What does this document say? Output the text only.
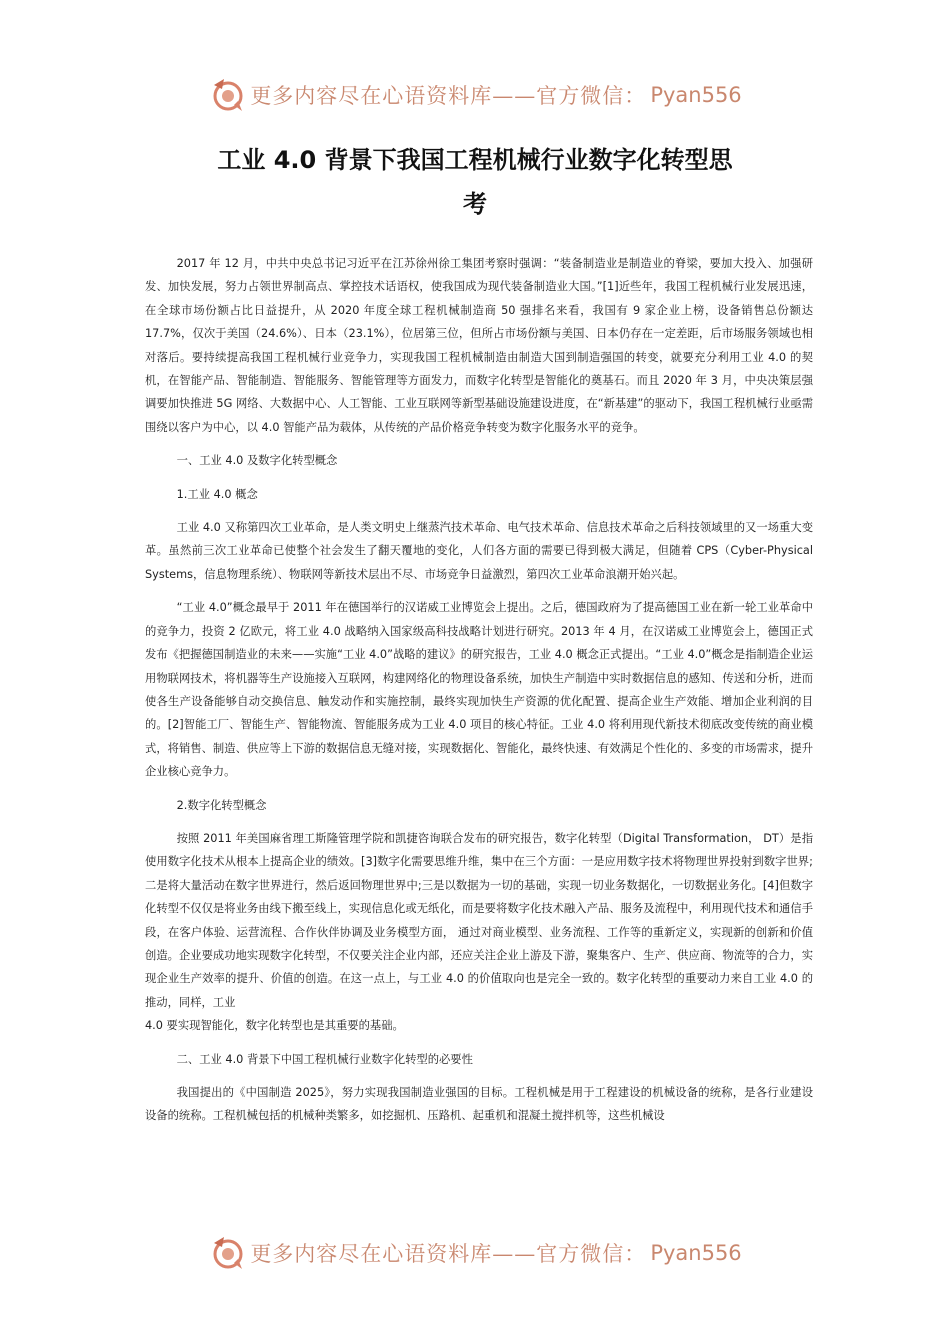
更多内容尽在心语资料库——官方微信： Pyan556
工业 4.0 背景下我国工程机械行业数字化转型思
考

2017 年 12 月，中共中央总书记习近平在江苏徐州徐工集团考察时强调：“装备制造业是制造业的脊梁，要加大投入、加强研发、加快发展，努力占领世界制高点、掌控技术话语权，使我国成为现代装备制造业大国。”[1]近些年，我国工程机械行业发展迅速，在全球市场份额占比日益提升，从 2020 年度全球工程机械制造商 50 强排名来看，我国有 9 家企业上榜，设备销售总份额达 17.7%，仅次于美国（24.6%）、日本（23.1%），位居第三位，但所占市场份额与美国、日本仍存在一定差距，后市场服务领域也相对落后。要持续提高我国工程机械行业竞争力，实现我国工程机械制造由制造大国到制造强国的转变，就要充分利用工业 4.0 的契机，在智能产品、智能制造、智能服务、智能管理等方面发力，而数字化转型是智能化的奠基石。而且 2020 年 3 月，中央决策层强调要加快推进 5G 网络、大数据中心、人工智能、工业互联网等新型基础设施建设进度，在“新基建”的驱动下，我国工程机械行业亟需围绕以客户为中心，以 4.0 智能产品为载体，从传统的产品价格竞争转变为数字化服务水平的竞争。

一、工业 4.0 及数字化转型概念

1.工业 4.0 概念

工业 4.0 又称第四次工业革命，是人类文明史上继蒸汽技术革命、电气技术革命、信息技术革命之后科技领域里的又一场重大变革。虽然前三次工业革命已使整个社会发生了翻天覆地的变化，人们各方面的需要已得到极大满足，但随着 CPS（Cyber-Physical Systems，信息物理系统）、物联网等新技术层出不尽、市场竞争日益激烈，第四次工业革命浪潮开始兴起。

“工业 4.0”概念最早于 2011 年在德国举行的汉诺威工业博览会上提出。之后，德国政府为了提高德国工业在新一轮工业革命中的竞争力，投资 2 亿欧元，将工业 4.0 战略纳入国家级高科技战略计划进行研究。2013 年 4 月，在汉诺威工业博览会上，德国正式发布《把握德国制造业的未来——实施“工业 4.0”战略的建议》的研究报告，工业 4.0 概念正式提出。“工业 4.0”概念是指制造企业运用物联网技术，将机器等生产设施接入互联网，构建网络化的物理设备系统，加快生产制造中实时数据信息的感知、传送和分析，进而使各生产设备能够自动交换信息、触发动作和实施控制，最终实现加快生产资源的优化配置、提高企业生产效能、增加企业利润的目的。[2]智能工厂、智能生产、智能物流、智能服务成为工业 4.0 项目的核心特征。工业 4.0 将利用现代新技术彻底改变传统的商业模式，将销售、制造、供应等上下游的数据信息无缝对接，实现数据化、智能化，最终快速、有效满足个性化的、多变的市场需求，提升企业核心竞争力。

2.数字化转型概念

按照 2011 年美国麻省理工斯隆管理学院和凯捷咨询联合发布的研究报告，数字化转型（Digital Transformation， DT）是指使用数字化技术从根本上提高企业的绩效。[3]数字化需要思维升维，集中在三个方面：一是应用数字技术将物理世界投射到数字世界;二是将大量活动在数字世界进行，然后返回物理世界中;三是以数据为一切的基础，实现一切业务数据化，一切数据业务化。[4]但数字化转型不仅仅是将业务由线下搬至线上，实现信息化或无纸化，而是要将数字化技术融入产品、服务及流程中，利用现代技术和通信手段，在客户体验、运营流程、合作伙伴协调及业务模型方面， 通过对商业模型、业务流程、工作等的重新定义，实现新的创新和价值创造。企业要成功地实现数字化转型，不仅要关注企业内部，还应关注企业上游及下游，聚集客户、生产、供应商、物流等的合力，实现企业生产效率的提升、价值的创造。在这一点上，与工业 4.0 的价值取向也是完全一致的。数字化转型的重要动力来自工业 4.0 的推动，同样，工业

4.0 要实现智能化，数字化转型也是其重要的基础。

二、工业 4.0 背景下中国工程机械行业数字化转型的必要性

我国提出的《中国制造 2025》，努力实现我国制造业强国的目标。工程机械是用于工程建设的机械设备的统称，是各行业建设设备的统称。工程机械包括的机械种类繁多，如挖掘机、压路机、起重机和混凝土搅拌机等，这些机械设

更多内容尽在心语资料库——官方微信： Pyan556
